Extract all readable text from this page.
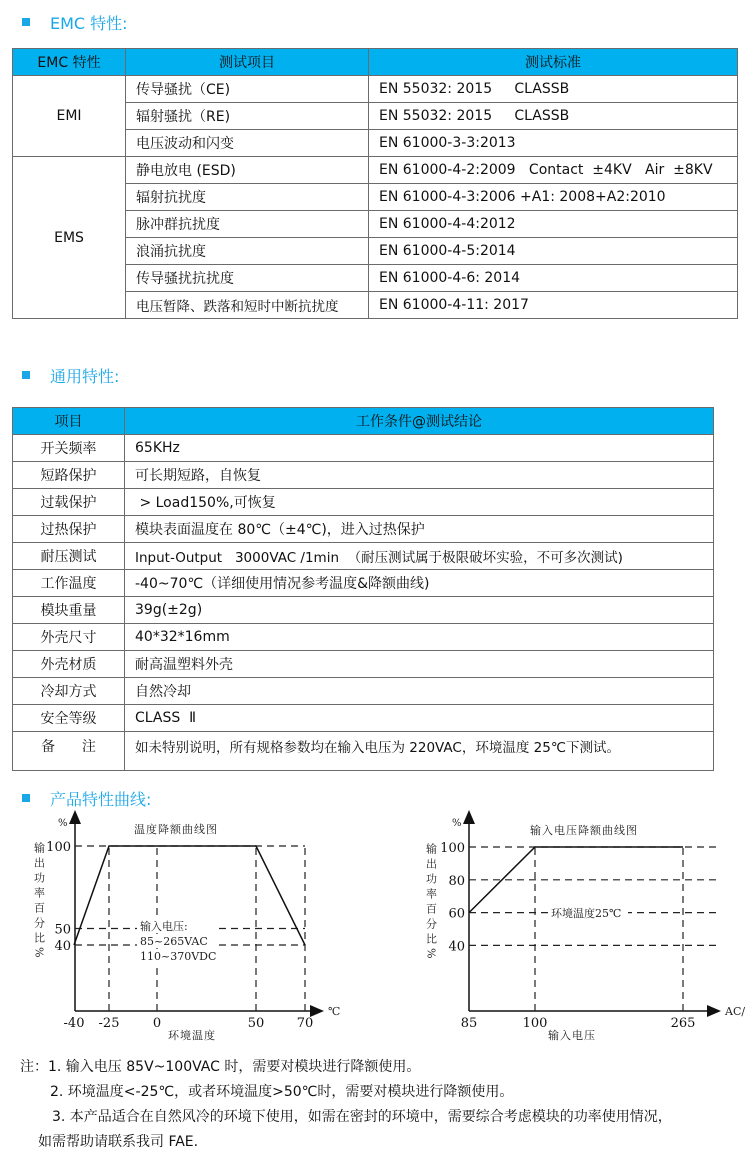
EMC 特性:
EMC 特性	测试项目	测试标准
EMI	传导骚扰（CE)	EN 55032: 2015     CLASSB
	辐射骚扰（RE)	EN 55032: 2015     CLASSB
	电压波动和闪变	EN 61000-3-3:2013
EMS	静电放电 (ESD)	EN 61000-4-2:2009   Contact  ±4KV   Air  ±8KV
	辐射抗扰度	EN 61000-4-3:2006 +A1: 2008+A2:2010
	脉冲群抗扰度	EN 61000-4-4:2012
	浪涌抗扰度	EN 61000-4-5:2014
	传导骚扰抗扰度	EN 61000-4-6: 2014
	电压暂降、跌落和短时中断抗扰度	EN 61000-4-11: 2017
通用特性:
项目	工作条件@测试结论
开关频率	65KHz
短路保护	可长期短路，自恢复
过载保护	> Load150%,可恢复
过热保护	模块表面温度在 80℃（±4℃)，进入过热保护
耐压测试	Input-Output   3000VAC /1min  （耐压测试属于极限破坏实验，不可多次测试)
工作温度	-40~70℃（详细使用情况参考温度&降额曲线)
模块重量	39g(±2g)
外壳尺寸	40*32*16mm
外壳材质	耐高温塑料外壳
冷却方式	自然冷却
安全等级	CLASS  Ⅱ
备      注	如未特别说明，所有规格参数均在输入电压为 220VAC，环境温度 25℃下测试。
产品特性曲线:
100
50
40
-40 -25	0	50 70
温度降额曲线图
%
℃
环境温度
输出功率百分比%	输入电压:
85~265VAC
110~370VDC
100
80
60
40
85	100	265
输入电压降额曲线图
%
AC/
输入电压
输出功率百分比%	环境温度25℃
注：1. 输入电压 85V~100VAC 时，需要对模块进行降额使用。
2. 环境温度<-25℃，或者环境温度>50℃时，需要对模块进行降额使用。
3. 本产品适合在自然风冷的环境下使用，如需在密封的环境中，需要综合考虑模块的功率使用情况，
如需帮助请联系我司 FAE.
